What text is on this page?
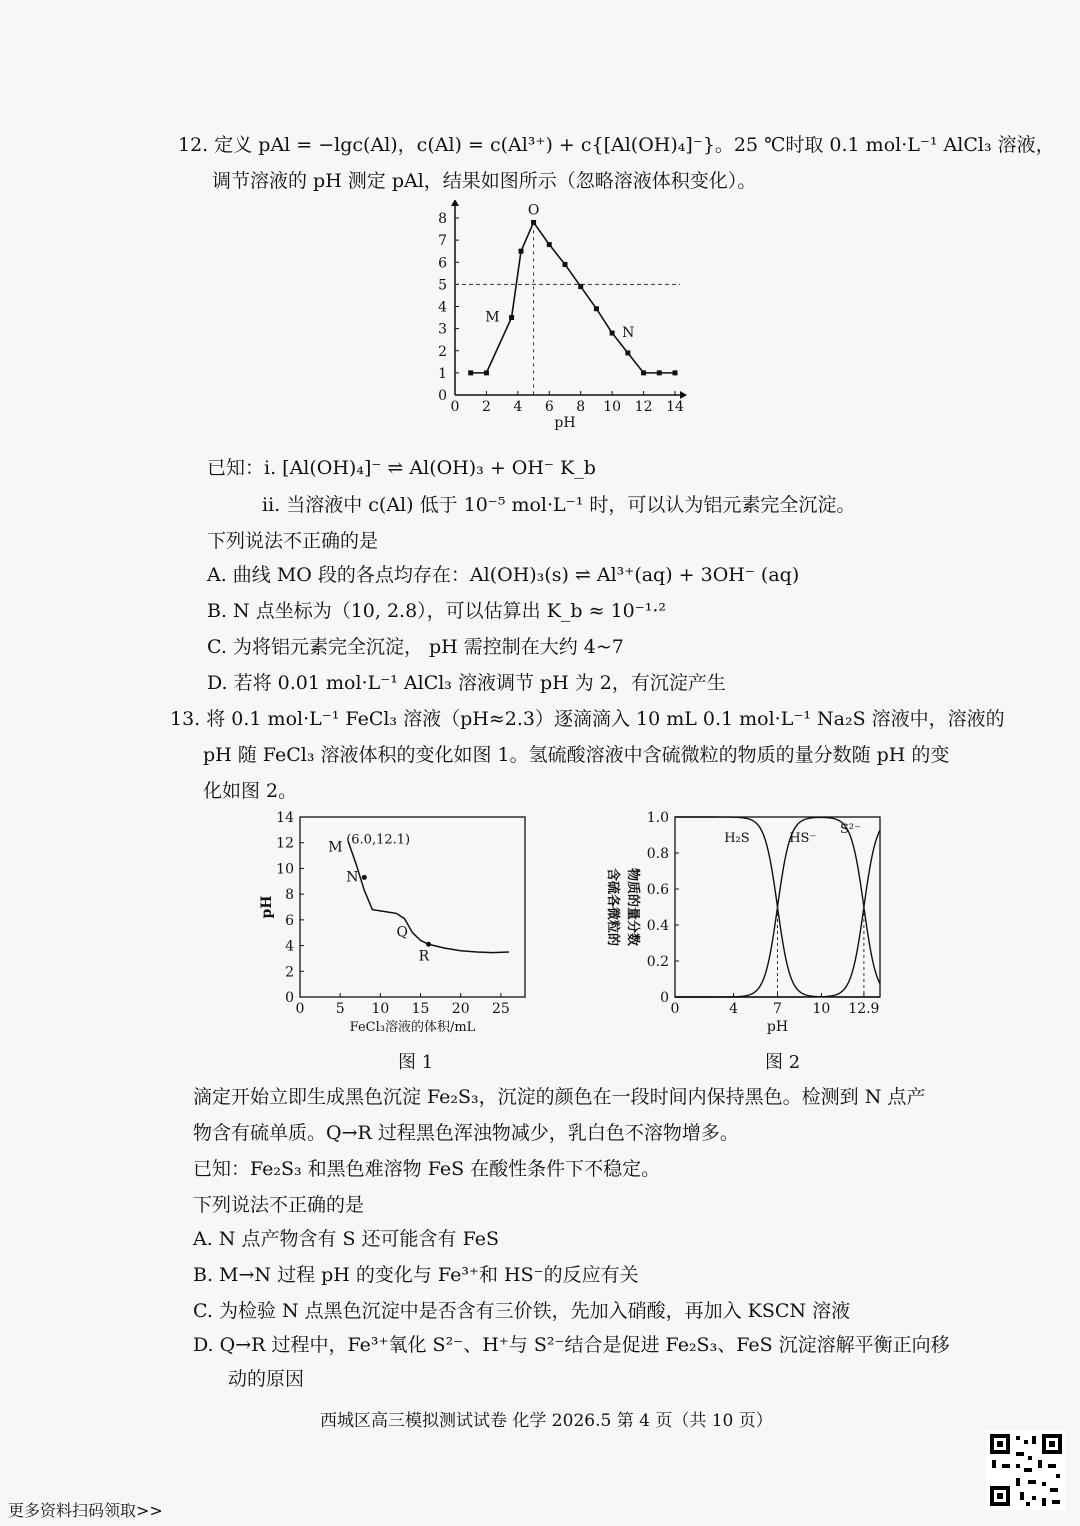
12. 定义 pAl = −lgc(Al)，c(Al) = c(Al³⁺) + c{[Al(OH)₄]⁻}。25 ℃时取 0.1 mol·L⁻¹ AlCl₃ 溶液，
调节溶液的 pH 测定 pAl，结果如图所示（忽略溶液体积变化）。
0 2 4 6 8 10 12 14
0
1
2
3
4
5
6
7
8
pH
O
M
N
已知：i. [Al(OH)₄]⁻ ⇌ Al(OH)₃ + OH⁻ K_b
ii. 当溶液中 c(Al) 低于 10⁻⁵ mol·L⁻¹ 时，可以认为铝元素完全沉淀。
下列说法不正确的是
A. 曲线 MO 段的各点均存在：Al(OH)₃(s) ⇌ Al³⁺(aq) + 3OH⁻ (aq)
B. N 点坐标为（10, 2.8），可以估算出 K_b ≈ 10⁻¹·²
C. 为将铝元素完全沉淀， pH 需控制在大约 4~7
D. 若将 0.01 mol·L⁻¹ AlCl₃ 溶液调节 pH 为 2，有沉淀产生
13. 将 0.1 mol·L⁻¹ FeCl₃ 溶液（pH≈2.3）逐滴滴入 10 mL 0.1 mol·L⁻¹ Na₂S 溶液中，溶液的
pH 随 FeCl₃ 溶液体积的变化如图 1。氢硫酸溶液中含硫微粒的物质的量分数随 pH 的变
化如图 2。
0 5 10 15 20 25
0
2
4
6
8
10
12
14
FeCl₃溶液的体积/mL
pH
M (6.0,12.1)
N
Q
R
图 1
0	4	7 10 12.9
0
0.2
0.4
0.6
0.8
1.0
pH
含硫各微粒的 物质的量分数
H₂S	HS⁻
S²⁻
图 2
滴定开始立即生成黑色沉淀 Fe₂S₃，沉淀的颜色在一段时间内保持黑色。检测到 N 点产
物含有硫单质。Q→R 过程黑色浑浊物减少，乳白色不溶物增多。
已知：Fe₂S₃ 和黑色难溶物 FeS 在酸性条件下不稳定。
下列说法不正确的是
A. N 点产物含有 S 还可能含有 FeS
B. M→N 过程 pH 的变化与 Fe³⁺和 HS⁻的反应有关
C. 为检验 N 点黑色沉淀中是否含有三价铁，先加入硝酸，再加入 KSCN 溶液
D. Q→R 过程中，Fe³⁺氧化 S²⁻、H⁺与 S²⁻结合是促进 Fe₂S₃、FeS 沉淀溶解平衡正向移
动的原因
西城区高三模拟测试试卷 化学 2026.5 第 4 页（共 10 页）
更多资料扫码领取>>
